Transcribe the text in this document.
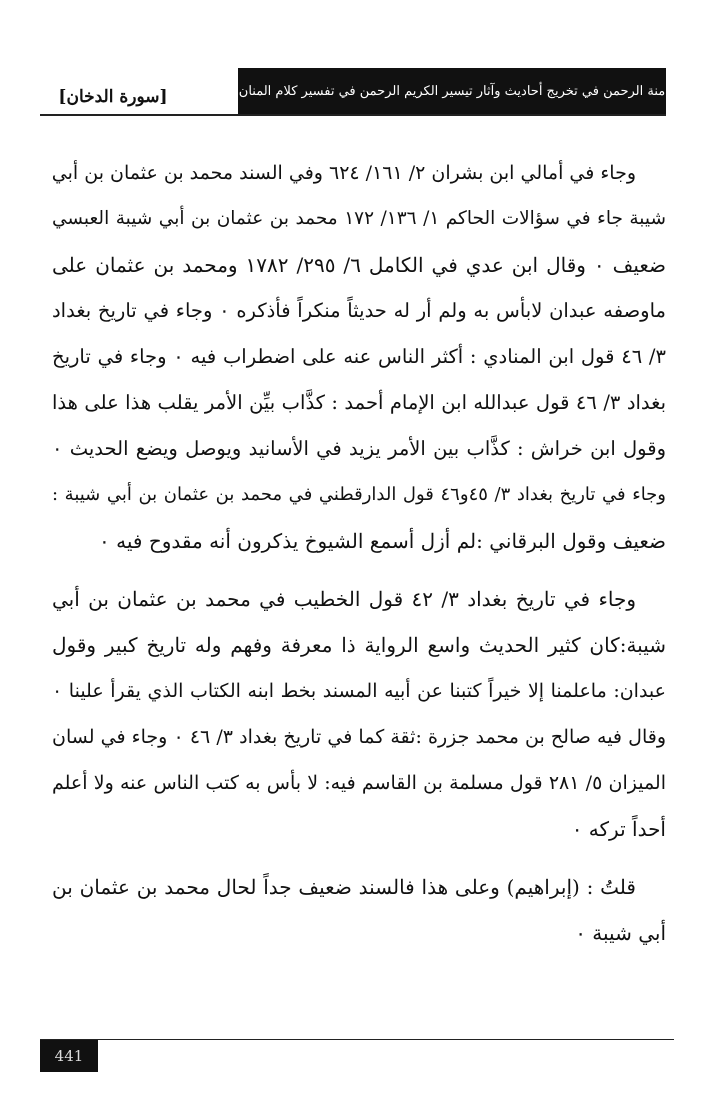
منة الرحمن في تخريج أحاديث وآثار تيسير الكريم الرحمن في تفسير كلام المنان
[سورة الدخان]

وجاء في أمالي ابن بشران ٢/ ١٦١/ ٦٢٤ وفي السند محمد بن عثمان بن أبي
شيبة جاء في سؤالات الحاكم ١/ ١٣٦/ ١٧٢ محمد بن عثمان بن أبي شيبة العبسي
ضعيف ٠ وقال ابن عدي في الكامل ٦/ ٢٩٥/ ١٧٨٢ ومحمد بن عثمان على
ماوصفه عبدان لابأس به ولم أر له حديثاً منكراً فأذكره ٠ وجاء في تاريخ بغداد
٣/ ٤٦ قول ابن المنادي : أكثر الناس عنه على اضطراب فيه ٠ وجاء في تاريخ
بغداد ٣/ ٤٦ قول عبدالله ابن الإمام أحمد : كذَّاب بيِّن الأمر يقلب هذا على هذا
وقول ابن خراش : كذَّاب بين الأمر يزيد في الأسانيد ويوصل ويضع الحديث ٠
وجاء في تاريخ بغداد ٣/ ٤٥و٤٦ قول الدارقطني في محمد بن عثمان بن أبي شيبة :
ضعيف وقول البرقاني :لم أزل أسمع الشيوخ يذكرون أنه مقدوح فيه ٠

وجاء في تاريخ بغداد ٣/ ٤٢ قول الخطيب في محمد بن عثمان بن أبي
شيبة:كان كثير الحديث واسع الرواية ذا معرفة وفهم وله تاريخ كبير وقول
عبدان: ماعلمنا إلا خيراً كتبنا عن أبيه المسند بخط ابنه الكتاب الذي يقرأ علينا ٠
وقال فيه صالح بن محمد جزرة :ثقة كما في تاريخ بغداد ٣/ ٤٦ ٠ وجاء في لسان
الميزان ٥/ ٢٨١ قول مسلمة بن القاسم فيه: لا بأس به كتب الناس عنه ولا أعلم
أحداً تركه ٠

قلتُ : (إبراهيم) وعلى هذا فالسند ضعيف جداً لحال محمد بن عثمان بن
أبي شيبة ٠

441
